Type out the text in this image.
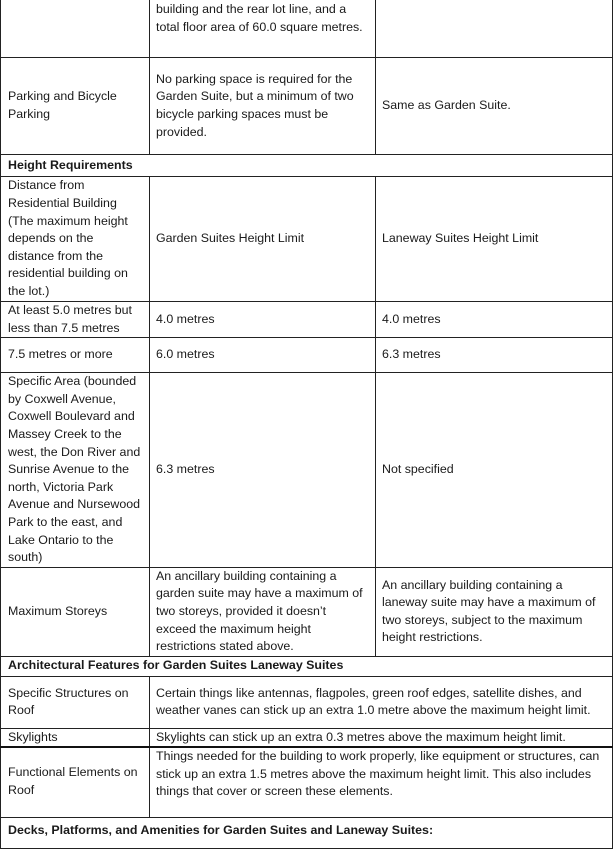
	building and the rear lot line, and a total floor area of 60.0 square metres.	
Parking and Bicycle Parking	No parking space is required for the Garden Suite, but a minimum of two bicycle parking spaces must be provided.	Same as Garden Suite.
Height Requirements		
Distance from Residential Building (The maximum height depends on the distance from the residential building on the lot.)	Garden Suites Height Limit	Laneway Suites Height Limit
At least 5.0 metres but less than 7.5 metres	4.0 metres	4.0 metres
7.5 metres or more	6.0 metres	6.3 metres
Specific Area (bounded by Coxwell Avenue, Coxwell Boulevard and Massey Creek to the west, the Don River and Sunrise Avenue to the north, Victoria Park Avenue and Nursewood Park to the east, and Lake Ontario to the south)	6.3 metres	Not specified
Maximum Storeys	An ancillary building containing a garden suite may have a maximum of two storeys, provided it doesn’t exceed the maximum height restrictions stated above.	An ancillary building containing a laneway suite may have a maximum of two storeys, subject to the maximum height restrictions.
Architectural Features for Garden Suites Laneway Suites		
Specific Structures on Roof	Certain things like antennas, flagpoles, green roof edges, satellite dishes, and weather vanes can stick up an extra 1.0 metre above the maximum height limit.	
Skylights	Skylights can stick up an extra 0.3 metres above the maximum height limit.	
Functional Elements on Roof	Things needed for the building to work properly, like equipment or structures, can stick up an extra 1.5 metres above the maximum height limit. This also includes things that cover or screen these elements.	
Decks, Platforms, and Amenities for Garden Suites and Laneway Suites:		
